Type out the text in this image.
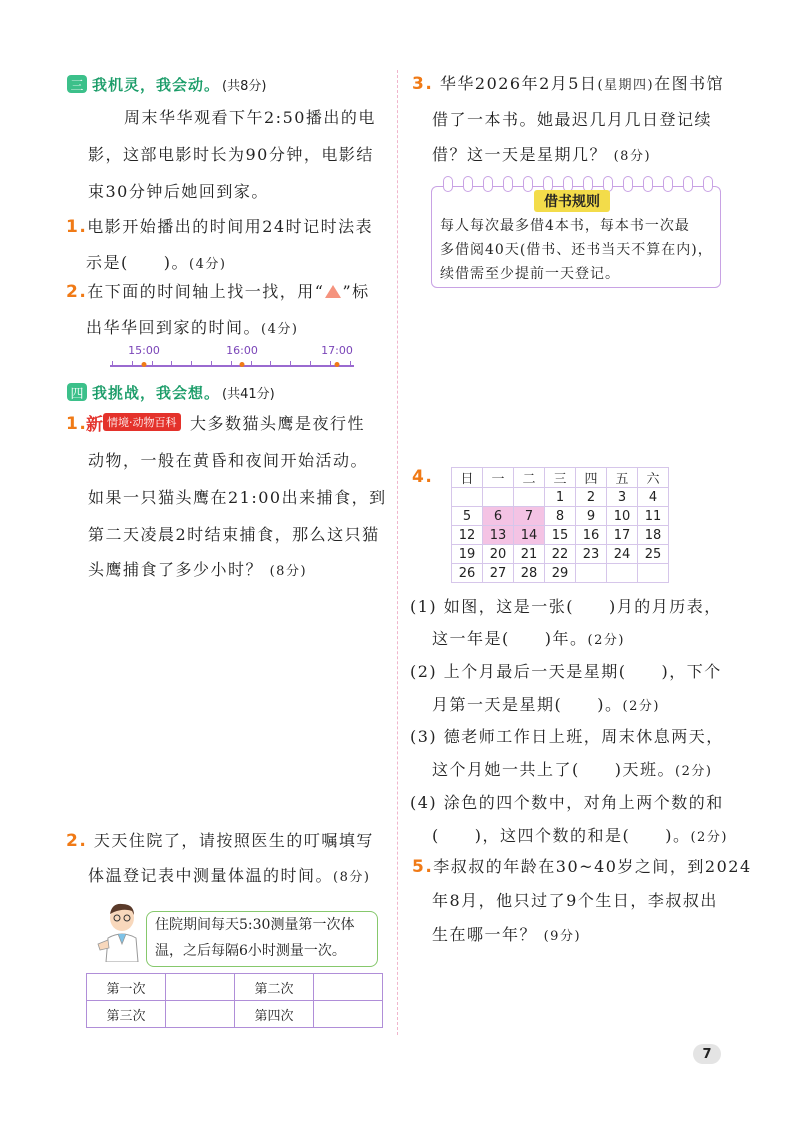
三 我机灵，我会动。 (共8分)
周末华华观看下午2:50播出的电
影，这部电影时长为90分钟，电影结
束30分钟后她回到家。
1.电影开始播出的时间用24时记时法表
示是(　　)。(4分)
2.在下面的时间轴上找一找，用“ ”标
出华华回到家的时间。(4分)
15:00	16:00	17:00
四 我挑战，我会想。 (共41分)
1.
新 情境·动物百科 大多数猫头鹰是夜行性
动物，一般在黄昏和夜间开始活动。
如果一只猫头鹰在21:00出来捕食，到
第二天凌晨2时结束捕食，那么这只猫
头鹰捕食了多少小时？ (8分)
2. 天天住院了，请按照医生的叮嘱填写
体温登记表中测量体温的时间。(8分)
住院期间每天5:30测量第一次体
温，之后每隔6小时测量一次。
第一次		第二次	
第三次		第四次	
3. 华华2026年2月5日(星期四)在图书馆
借了一本书。她最迟几月几日登记续
借？这一天是星期几？ (8分)
借书规则
每人每次最多借4本书，每本书一次最
多借阅40天(借书、还书当天不算在内)，
续借需至少提前一天登记。
4. 日	一	二	三	四	五	六
			1	2	3	4
5	6	7	8	9	10	11
12	13	14	15	16	17	18
19	20	21	22	23	24	25
26	27	28	29			
(1) 如图，这是一张(　　)月的月历表，
这一年是(　　)年。(2分)
(2) 上个月最后一天是星期(　　)，下个
月第一天是星期(　　)。(2分)
(3) 德老师工作日上班，周末休息两天，
这个月她一共上了(　　)天班。(2分)
(4) 涂色的四个数中，对角上两个数的和
(　　)，这四个数的和是(　　)。(2分)
5.李叔叔的年龄在30~40岁之间，到2024
年8月，他只过了9个生日，李叔叔出
生在哪一年？ (9分)
7
